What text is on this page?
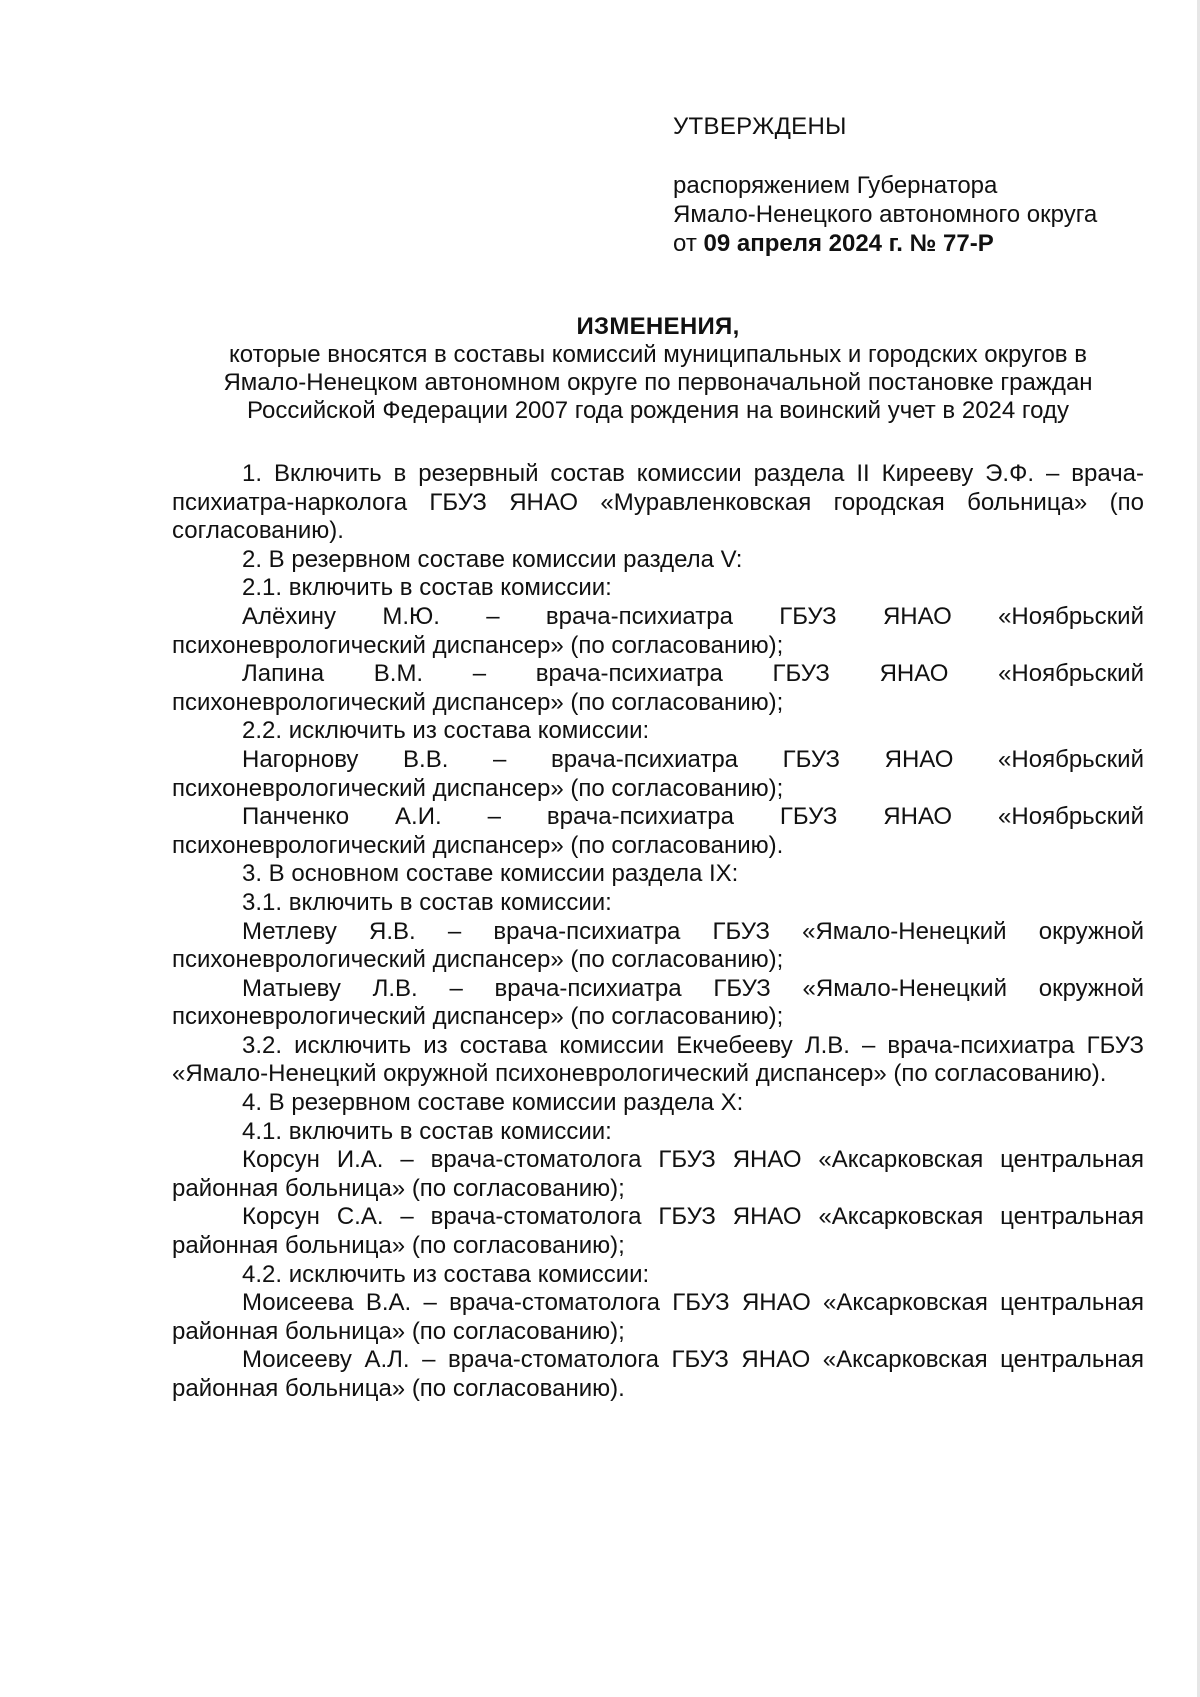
УТВЕРЖДЕНЫ
распоряжением Губернатора
Ямало-Ненецкого автономного округа
от 09 апреля 2024 г. № 77-Р
ИЗМЕНЕНИЯ,
которые вносятся в составы комиссий муниципальных и городских округов в
Ямало-Ненецком автономном округе по первоначальной постановке граждан
Российской Федерации 2007 года рождения на воинский учет в 2024 году

1. Включить в резервный состав комиссии раздела II Киреeву Э.Ф. – врача-психиатра-нарколога ГБУЗ ЯНАО «Муравленковская городская больница» (по согласованию).

2. В резервном составе комиссии раздела V:

2.1. включить в состав комиссии:

Алёхину М.Ю. – врача-психиатра ГБУЗ ЯНАО «Ноябрьский психоневрологический диспансер» (по согласованию);

Лапина В.М. – врача-психиатра ГБУЗ ЯНАО «Ноябрьский психоневрологический диспансер» (по согласованию);

2.2. исключить из состава комиссии:

Нагорнову В.В. – врача-психиатра ГБУЗ ЯНАО «Ноябрьский психоневрологический диспансер» (по согласованию);

Панченко А.И. – врача-психиатра ГБУЗ ЯНАО «Ноябрьский психоневрологический диспансер» (по согласованию).

3. В основном составе комиссии раздела IX:

3.1. включить в состав комиссии:

Метлеву Я.В. – врача-психиатра ГБУЗ «Ямало-Ненецкий окружной психоневрологический диспансер» (по согласованию);

Матыеву Л.В. – врача-психиатра ГБУЗ «Ямало-Ненецкий окружной психоневрологический диспансер» (по согласованию);

3.2. исключить из состава комиссии Екчебееву Л.В. – врача-психиатра ГБУЗ «Ямало-Ненецкий окружной психоневрологический диспансер» (по согласованию).

4. В резервном составе комиссии раздела X:

4.1. включить в состав комиссии:

Корсун И.А. – врача-стоматолога ГБУЗ ЯНАО «Аксарковская центральная районная больница» (по согласованию);

Корсун С.А. – врача-стоматолога ГБУЗ ЯНАО «Аксарковская центральная районная больница» (по согласованию);

4.2. исключить из состава комиссии:

Моисеева В.А. – врача-стоматолога ГБУЗ ЯНАО «Аксарковская центральная районная больница» (по согласованию);

Моисееву А.Л. – врача-стоматолога ГБУЗ ЯНАО «Аксарковская центральная районная больница» (по согласованию).
